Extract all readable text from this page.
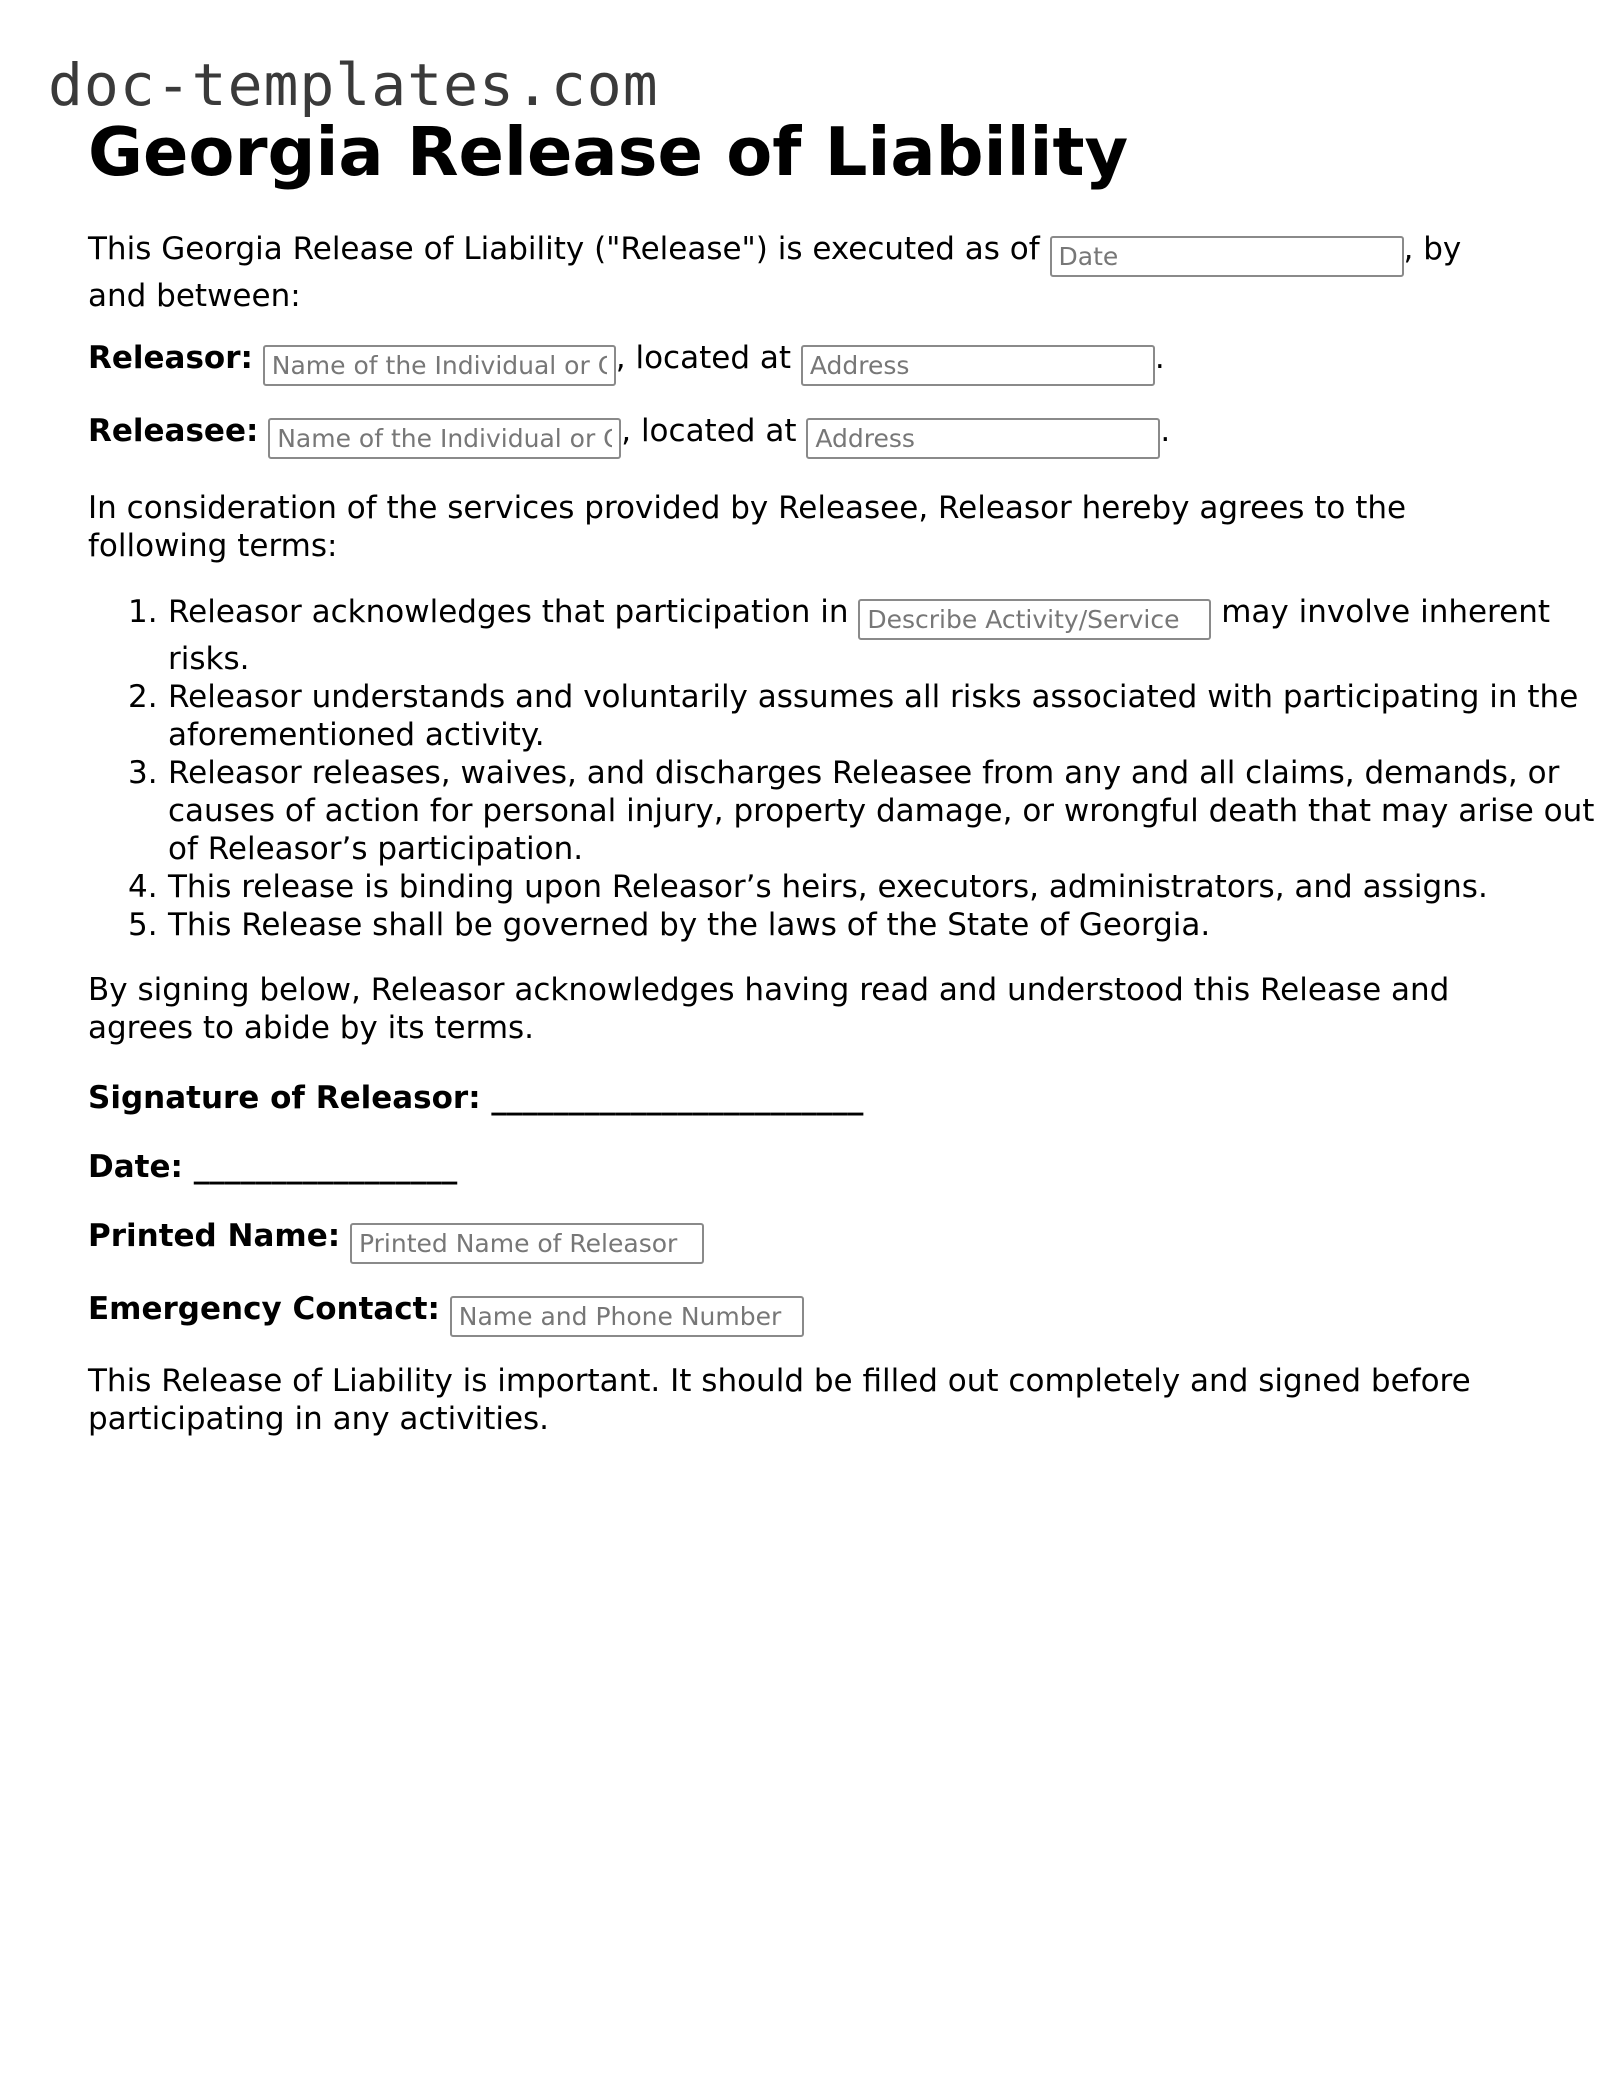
doc-templates.com
Georgia Release of Liability

This Georgia Release of Liability ("Release") is executed as of Date	, by and between:

Releasor: Name of the Individual or Organization	, located at Address	.

Releasee: Name of the Individual or Organization	, located at Address	.

In consideration of the services provided by Releasee, Releasor hereby agrees to the following terms:

1. Releasor acknowledges that participation in Describe Activity/Service	may involve inherent risks.
2. Releasor understands and voluntarily assumes all risks associated with participating in the aforementioned activity.
3. Releasor releases, waives, and discharges Releasee from any and all claims, demands, or causes of action for personal injury, property damage, or wrongful death that may arise out of Releasor’s participation.
4. This release is binding upon Releasor’s heirs, executors, administrators, and assigns.
5. This Release shall be governed by the laws of the State of Georgia.

By signing below, Releasor acknowledges having read and understood this Release and agrees to abide by its terms.

Signature of Releasor: ________________________

Date: _________________

Printed Name: Printed Name of Releasor

Emergency Contact: Name and Phone Number

This Release of Liability is important. It should be filled out completely and signed before participating in any activities.
